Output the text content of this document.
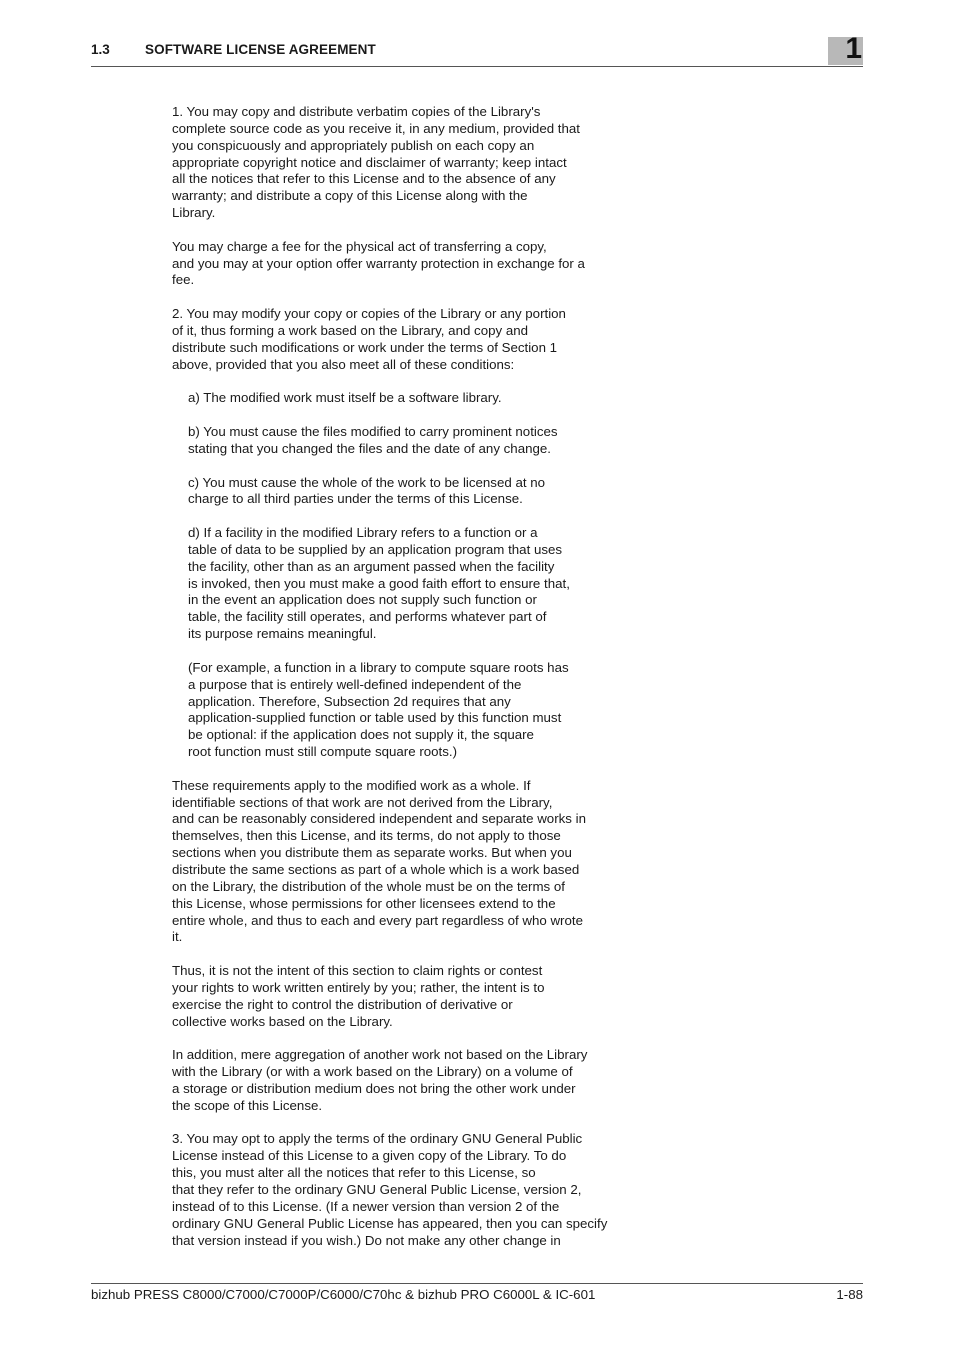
1.3	SOFTWARE LICENSE AGREEMENT	1

1. You may copy and distribute verbatim copies of the Library's
complete source code as you receive it, in any medium, provided that
you conspicuously and appropriately publish on each copy an
appropriate copyright notice and disclaimer of warranty; keep intact
all the notices that refer to this License and to the absence of any
warranty; and distribute a copy of this License along with the
Library.

You may charge a fee for the physical act of transferring a copy,
and you may at your option offer warranty protection in exchange for a
fee.

2. You may modify your copy or copies of the Library or any portion
of it, thus forming a work based on the Library, and copy and
distribute such modifications or work under the terms of Section 1
above, provided that you also meet all of these conditions:

a) The modified work must itself be a software library.

b) You must cause the files modified to carry prominent notices
stating that you changed the files and the date of any change.

c) You must cause the whole of the work to be licensed at no
charge to all third parties under the terms of this License.

d) If a facility in the modified Library refers to a function or a
table of data to be supplied by an application program that uses
the facility, other than as an argument passed when the facility
is invoked, then you must make a good faith effort to ensure that,
in the event an application does not supply such function or
table, the facility still operates, and performs whatever part of
its purpose remains meaningful.

(For example, a function in a library to compute square roots has
a purpose that is entirely well-defined independent of the
application. Therefore, Subsection 2d requires that any
application-supplied function or table used by this function must
be optional: if the application does not supply it, the square
root function must still compute square roots.)

These requirements apply to the modified work as a whole. If
identifiable sections of that work are not derived from the Library,
and can be reasonably considered independent and separate works in
themselves, then this License, and its terms, do not apply to those
sections when you distribute them as separate works. But when you
distribute the same sections as part of a whole which is a work based
on the Library, the distribution of the whole must be on the terms of
this License, whose permissions for other licensees extend to the
entire whole, and thus to each and every part regardless of who wrote
it.

Thus, it is not the intent of this section to claim rights or contest
your rights to work written entirely by you; rather, the intent is to
exercise the right to control the distribution of derivative or
collective works based on the Library.

In addition, mere aggregation of another work not based on the Library
with the Library (or with a work based on the Library) on a volume of
a storage or distribution medium does not bring the other work under
the scope of this License.

3. You may opt to apply the terms of the ordinary GNU General Public
License instead of this License to a given copy of the Library. To do
this, you must alter all the notices that refer to this License, so
that they refer to the ordinary GNU General Public License, version 2,
instead of to this License. (If a newer version than version 2 of the
ordinary GNU General Public License has appeared, then you can specify
that version instead if you wish.) Do not make any other change in

bizhub PRESS C8000/C7000/C7000P/C6000/C70hc & bizhub PRO C6000L & IC-601	1-88
